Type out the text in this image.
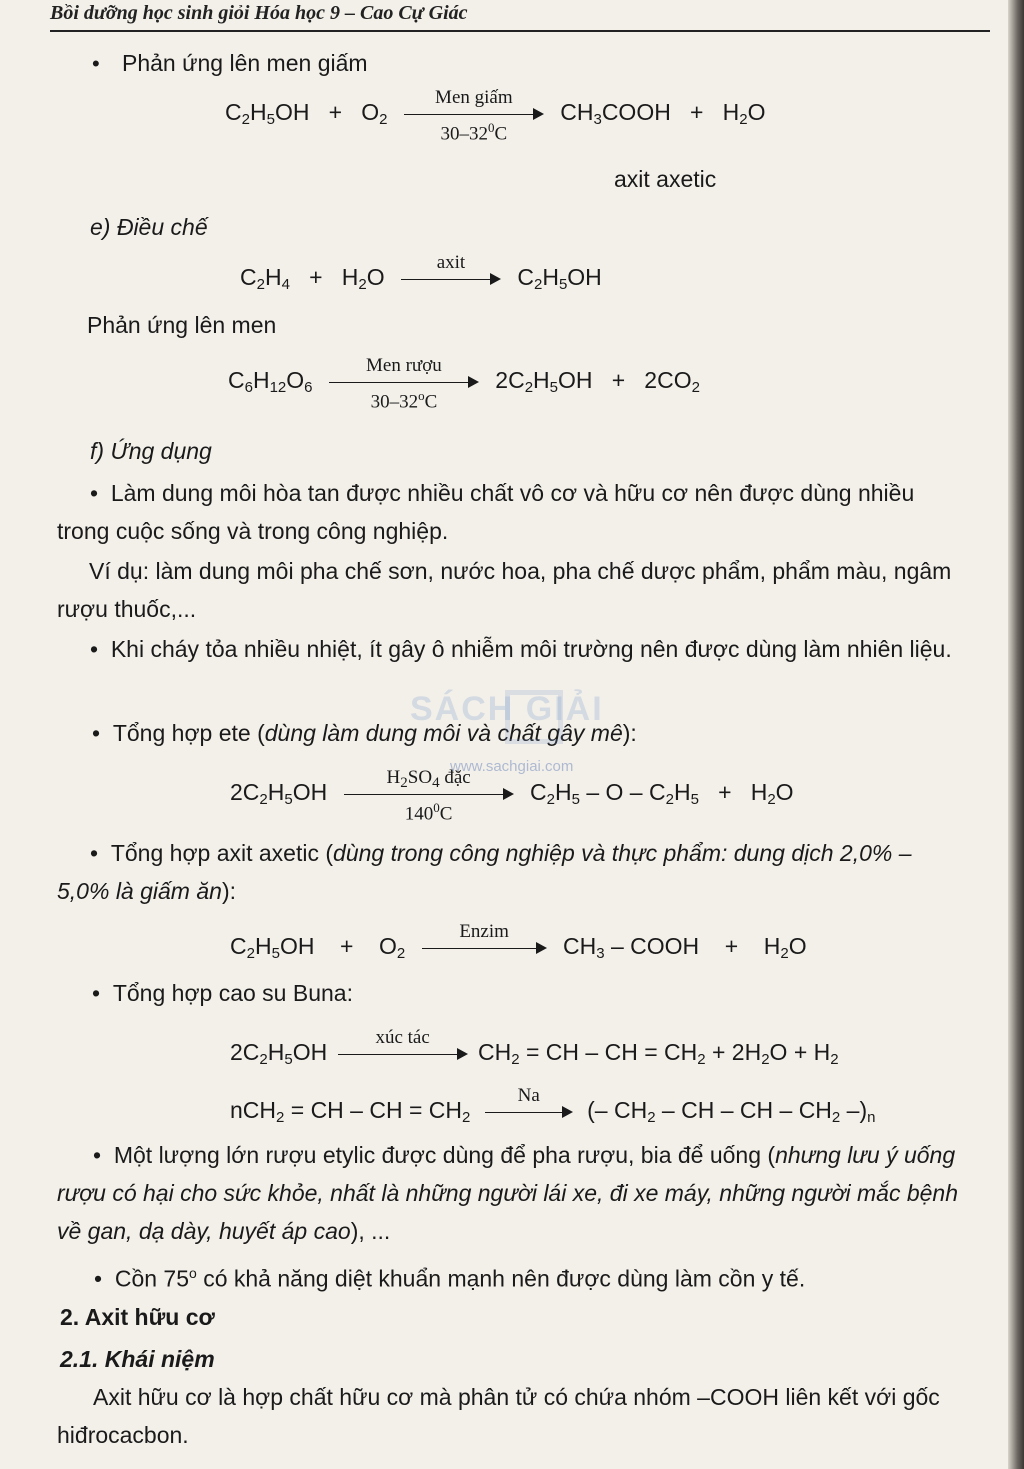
Bồi dưỡng học sinh giỏi Hóa học 9 – Cao Cự Giác
• Phản ứng lên men giấm
$C_2H_5OH + O_2$
Men giấm
$30-32^0C$
$CH_3COOH + H_2O$
axit axetic
e) Điều chế
$C_2H_4 + H_2O$
axit
$C_2H_5OH$
Phản ứng lên men
$C_6H_{12}O_6$
Men rượu
30–32$^o$C
$2C_2H_5OH + 2CO_2$
f) Ứng dụng
•  Làm dung môi hòa tan được nhiều chất vô cơ và hữu cơ nên được dùng nhiều trong cuộc sống và trong công nghiệp.
Ví dụ: làm dung môi pha chế sơn, nước hoa, pha chế dược phẩm, phẩm màu, ngâm rượu thuốc,...
•  Khi cháy tỏa nhiều nhiệt, ít gây ô nhiễm môi trường nên được dùng làm nhiên liệu.
•  Tổng hợp ete (dùng làm dung môi và chất gây mê):
$2C_2H_5OH$
$H_2SO_4$ đặc
$140^0C$
$C_2H_5 - O - C_2H_5 + H_2O$
•  Tổng hợp axit axetic (dùng trong công nghiệp và thực phẩm: dung dịch 2,0% – 5,0% là giấm ăn):
$C_2H_5OH + O_2$
Enzim
$CH_3$ – COOH + $H_2O$
•  Tổng hợp cao su Buna:
$2C_2H_5OH$
xúc tác
$CH_2$ = CH – CH = $CH_2 + 2H_2O + H_2$
nCH$_2$ = CH – CH = $CH_2$
Na
(– $CH_2$ – CH – CH – $CH_2$ $-)_n$
•  Một lượng lớn rượu etylic được dùng để pha rượu, bia để uống (nhưng lưu ý uống rượu có hại cho sức khỏe, nhất là những người lái xe, đi xe máy, những người mắc bệnh về gan, dạ dày, huyết áp cao), ...
•  Cồn 75$^o$ có khả năng diệt khuẩn mạnh nên được dùng làm cồn y tế.
2. Axit hữu cơ
2.1. Khái niệm
Axit hữu cơ là hợp chất hữu cơ mà phân tử có chứa nhóm –COOH liên kết với gốc hiđrocacbon.
SÁCH GIẢI
www.sachgiai.com
